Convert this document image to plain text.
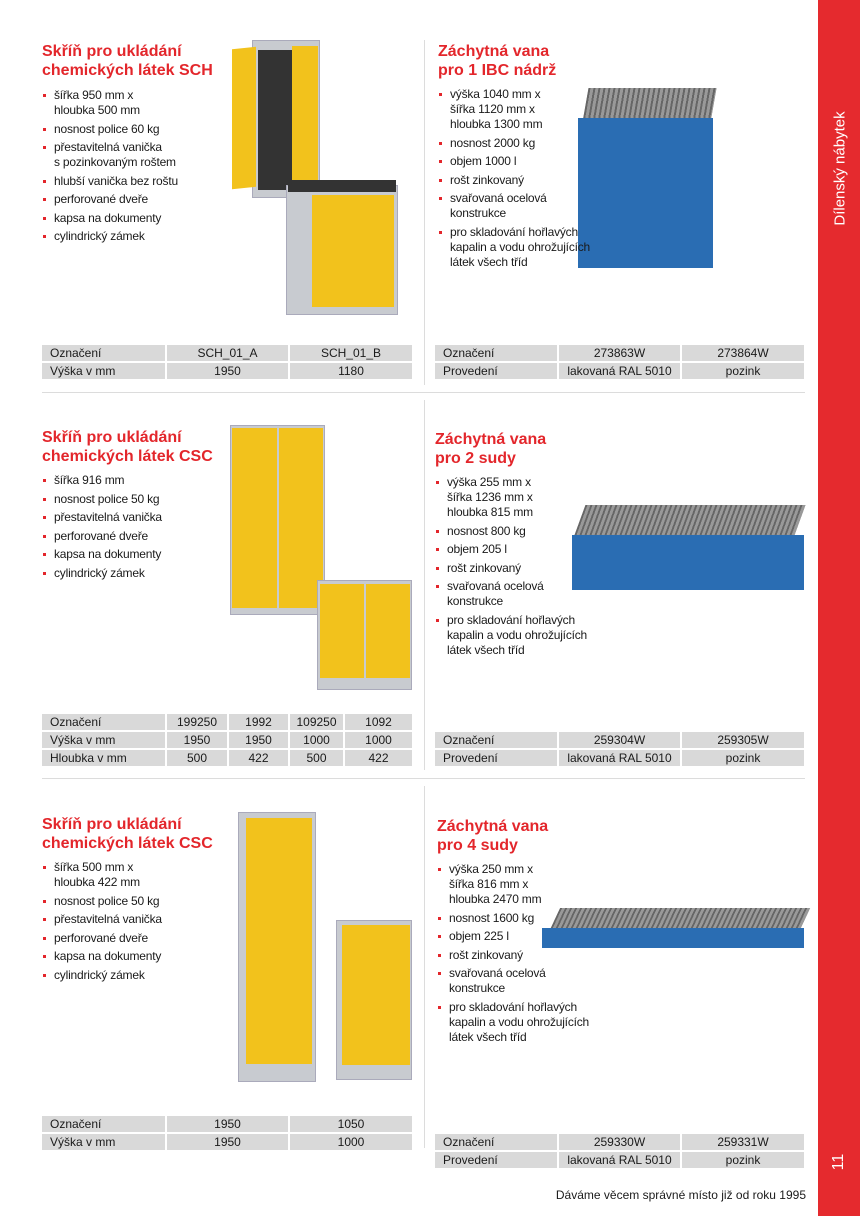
Dílenský nábytek
11
Dáváme věcem správné místo již od roku 1995
Skříň pro ukládání
chemických látek SCH
šířka 950 mm x
hloubka 500 mm
nosnost police 60 kg
přestavitelná vanička
s pozinkovaným roštem
hlubší vanička bez roštu
perforované dveře
kapsa na dokumenty
cylindrický zámek
Označení	SCH_01_A	SCH_01_B
Výška v mm	1950	1180
Záchytná vana
pro 1 IBC nádrž
výška 1040 mm x
šířka 1120 mm x
hloubka 1300 mm
nosnost 2000 kg
objem 1000 l
rošt zinkovaný
svařovaná ocelová
konstrukce
pro skladování hořlavých
kapalin a vodu ohrožujících
látek všech tříd
Označení	273863W	273864W
Provedení	lakovaná RAL 5010	pozink
Skříň pro ukládání
chemických látek CSC
šířka 916 mm
nosnost police 50 kg
přestavitelná vanička
perforované dveře
kapsa na dokumenty
cylindrický zámek
Označení	199250	1992	109250	1092
Výška v mm	1950	1950	1000	1000
Hloubka v mm	500	422	500	422
Záchytná vana
pro 2 sudy
výška 255 mm x
šířka 1236 mm x
hloubka 815 mm
nosnost 800 kg
objem 205 l
rošt zinkovaný
svařovaná ocelová
konstrukce
pro skladování hořlavých
kapalin a vodu ohrožujících
látek všech tříd
Označení	259304W	259305W
Provedení	lakovaná RAL 5010	pozink
Skříň pro ukládání
chemických látek CSC
šířka 500 mm x
hloubka 422 mm
nosnost police 50 kg
přestavitelná vanička
perforované dveře
kapsa na dokumenty
cylindrický zámek
Označení	1950	1050
Výška v mm	1950	1000
Záchytná vana
pro 4 sudy
výška 250 mm x
šířka 816 mm x
hloubka 2470 mm
nosnost 1600 kg
objem 225 l
rošt zinkovaný
svařovaná ocelová
konstrukce
pro skladování hořlavých
kapalin a vodu ohrožujících
látek všech tříd
Označení	259330W	259331W
Provedení	lakovaná RAL 5010	pozink
